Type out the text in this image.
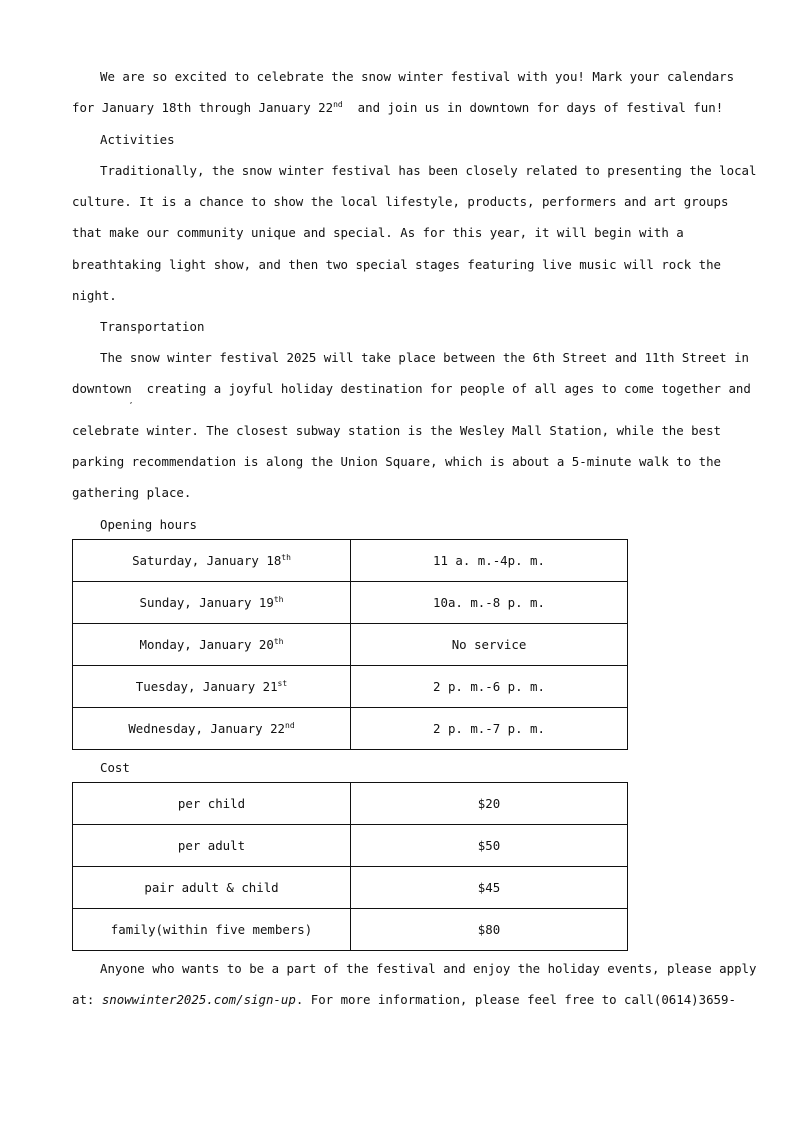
We are so excited to celebrate the snow winter festival with you! Mark your calendars
for January 18th through January 22nd  and join us in downtown for days of festival fun!
Activities
Traditionally, the snow winter festival has been closely related to presenting the local
culture. It is a chance to show the local lifestyle, products, performers and art groups
that make our community unique and special. As for this year, it will begin with a
breathtaking light show, and then two special stages featuring live music will rock the
night.
Transportation
The snow winter festival 2025 will take place between the 6th Street and 11th Street in
downtown  creating a joyful holiday destination for people of all ages to come together and
,
celebrate winter. The closest subway station is the Wesley Mall Station, while the best
parking recommendation is along the Union Square, which is about a 5-minute walk to the
gathering place.
Opening hours
Saturday, January 18th	11 a. m.-4p. m.
Sunday, January 19th	10a. m.-8 p. m.
Monday, January 20th	No service
Tuesday, January 21st	2 p. m.-6 p. m.
Wednesday, January 22nd	2 p. m.-7 p. m.
Cost
per child	$20
per adult	$50
pair adult & child	$45
family(within five members)	$80
Anyone who wants to be a part of the festival and enjoy the holiday events, please apply
at: snowwinter2025.com/sign-up. For more information, please feel free to call(0614)3659-
